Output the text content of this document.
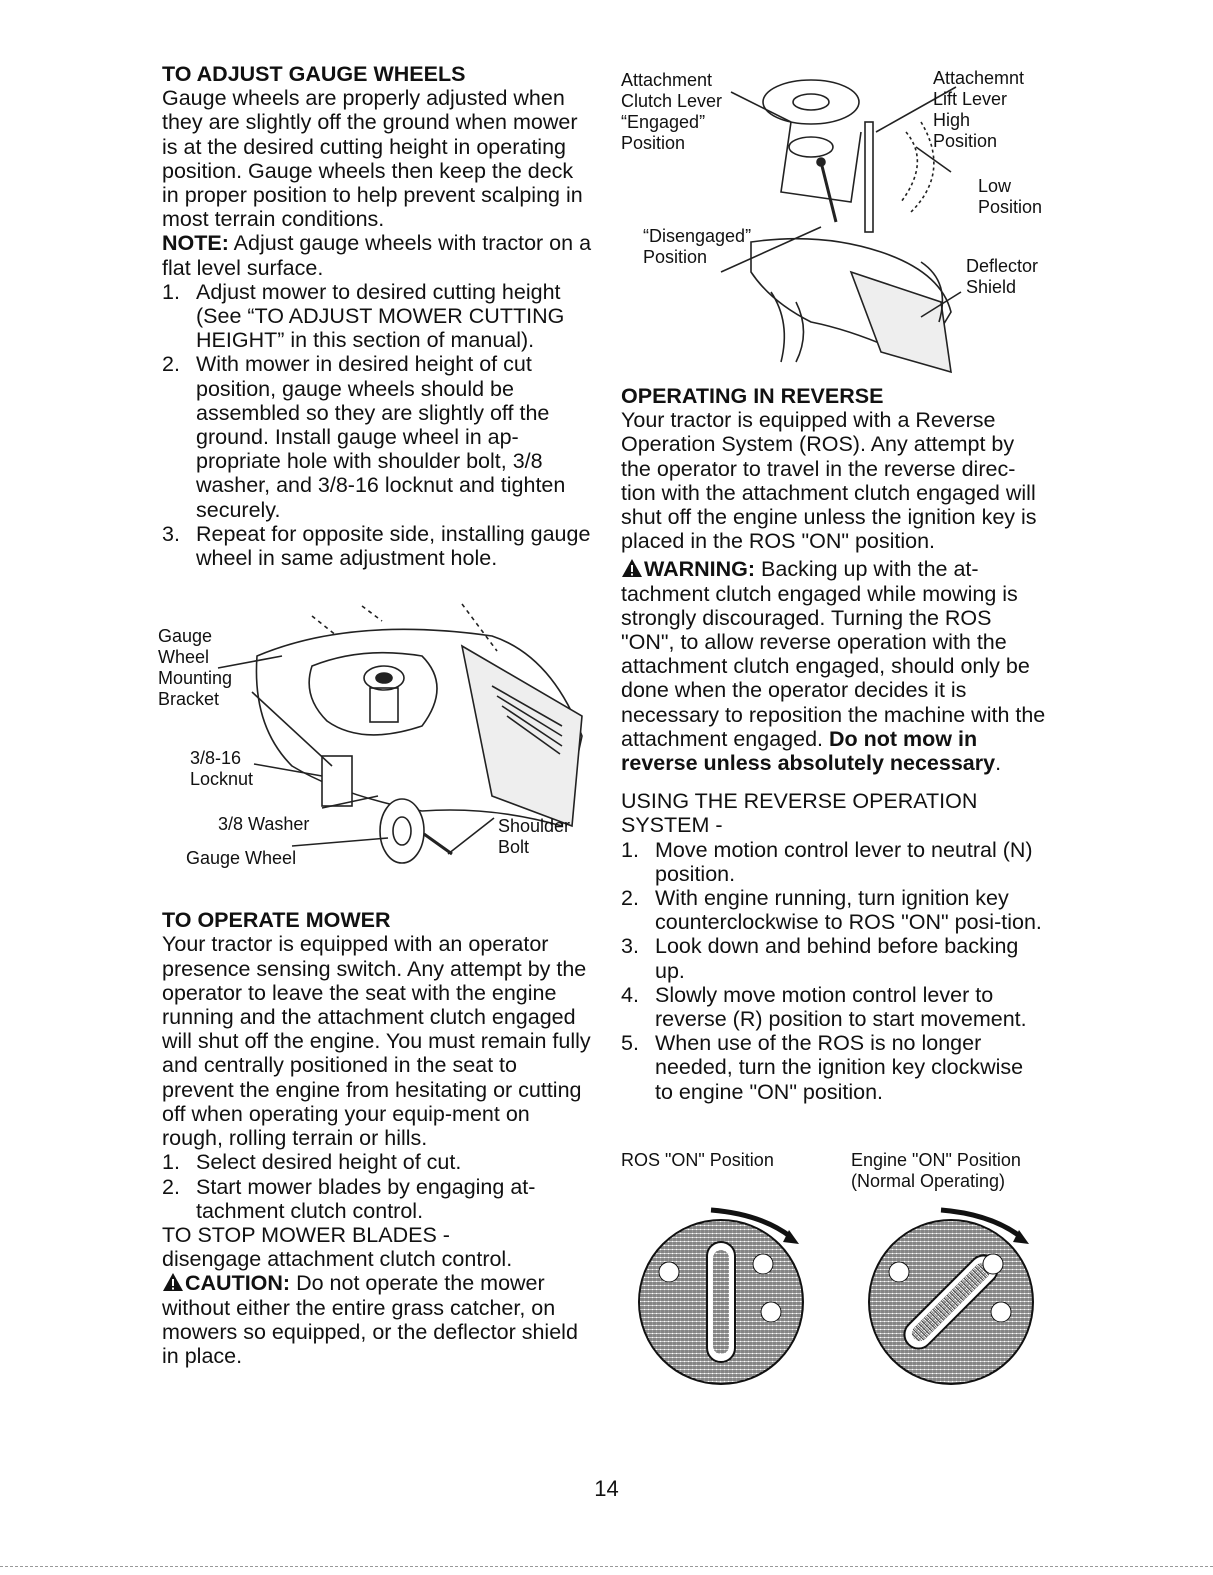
TO ADJUST GAUGE WHEELS

Gauge wheels are properly adjusted when they are slightly off the ground when mower is at the desired cutting height in operating position. Gauge wheels then keep the deck in proper position to help prevent scalping in most terrain conditions.

NOTE: Adjust gauge wheels with tractor on a flat level surface.

1. Adjust mower to desired cutting height (See “TO ADJUST MOWER CUTTING HEIGHT” in this section of manual).
2. With mower in desired height of cut position, gauge wheels should be assembled so they are slightly off the ground. Install gauge wheel in ap-propriate hole with shoulder bolt, 3/8 washer, and 3/8-16 locknut and tighten securely.
3. Repeat for opposite side, installing gauge wheel in same adjustment hole.
Gauge
Wheel
Mounting
Bracket
3/8-16
Locknut
3/8 Washer
Gauge Wheel
Shoulder
Bolt
TO OPERATE MOWER

Your tractor is equipped with an operator presence sensing switch. Any attempt by the operator to leave the seat with the engine running and the attachment clutch engaged will shut off the engine. You must remain fully and centrally positioned in the seat to prevent the engine from hesitating or cutting off when operating your equip-ment on rough, rolling terrain or hills.

1. Select desired height of cut.
2. Start mower blades by engaging at-tachment clutch control.

TO STOP MOWER BLADES -

disengage attachment clutch control.

CAUTION: Do not operate the mower without either the entire grass catcher, on mowers so equipped, or the deflector shield in place.

Attachment
Clutch Lever
“Engaged”
Position
Attachemnt
Lift Lever
High
Position
Low
Position
“Disengaged”
Position	Deflector
Shield
OPERATING IN REVERSE

Your tractor is equipped with a Reverse Operation System (ROS). Any attempt by the operator to travel in the reverse direc-tion with the attachment clutch engaged will shut off the engine unless the ignition key is placed in the ROS "ON" position.

WARNING: Backing up with the at-tachment clutch engaged while mowing is strongly discouraged. Turning the ROS "ON", to allow reverse operation with the attachment clutch engaged, should only be done when the operator decides it is necessary to reposition the machine with the attachment engaged. Do not mow in reverse unless absolutely necessary.

USING THE REVERSE OPERATION SYSTEM -

1. Move motion control lever to neutral (N) position.
2. With engine running, turn ignition key counterclockwise to ROS "ON" posi-tion.
3. Look down and behind before backing up.
4. Slowly move motion control lever to reverse (R) position to start movement.
5. When use of the ROS is no longer needed, turn the ignition key clockwise to engine "ON" position.
ROS "ON" Position	Engine "ON" Position
(Normal Operating)
14
